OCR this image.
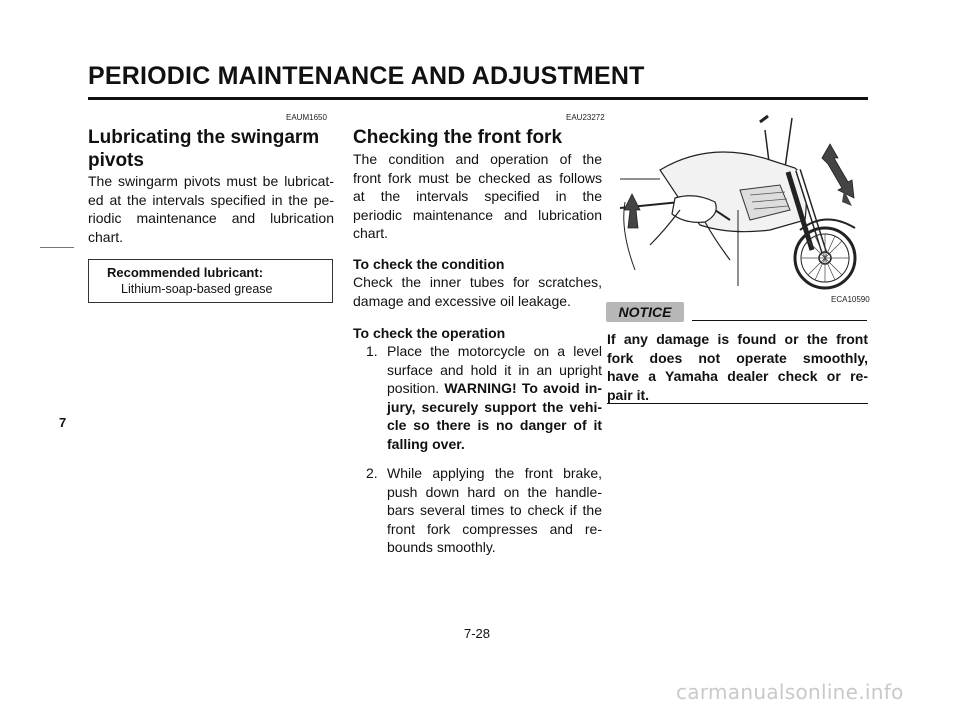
PERIODIC MAINTENANCE AND ADJUSTMENT
7
EAUM1650
Lubricating the swingarm
pivots
The swingarm pivots must be lubricat-
ed at the intervals specified in the pe-
riodic maintenance and lubrication
chart.
Recommended lubricant:
Lithium-soap-based grease
EAU23272
Checking the front fork
The condition and operation of the
front fork must be checked as follows
at the intervals specified in the
periodic maintenance and lubrication
chart.
To check the condition
Check the inner tubes for scratches,
damage and excessive oil leakage.
To check the operation
1. Place the motorcycle on a level
surface and hold it in an upright
position. WARNING! To avoid in-
jury, securely support the vehi-
cle so there is no danger of it
falling over.
2. While applying the front brake,
push down hard on the handle-
bars several times to check if the
front fork compresses and re-
bounds smoothly.
ECA10590
NOTICE
If any damage is found or the front
fork does not operate smoothly,
have a Yamaha dealer check or re-
pair it.
7-28
carmanualsonline.info
